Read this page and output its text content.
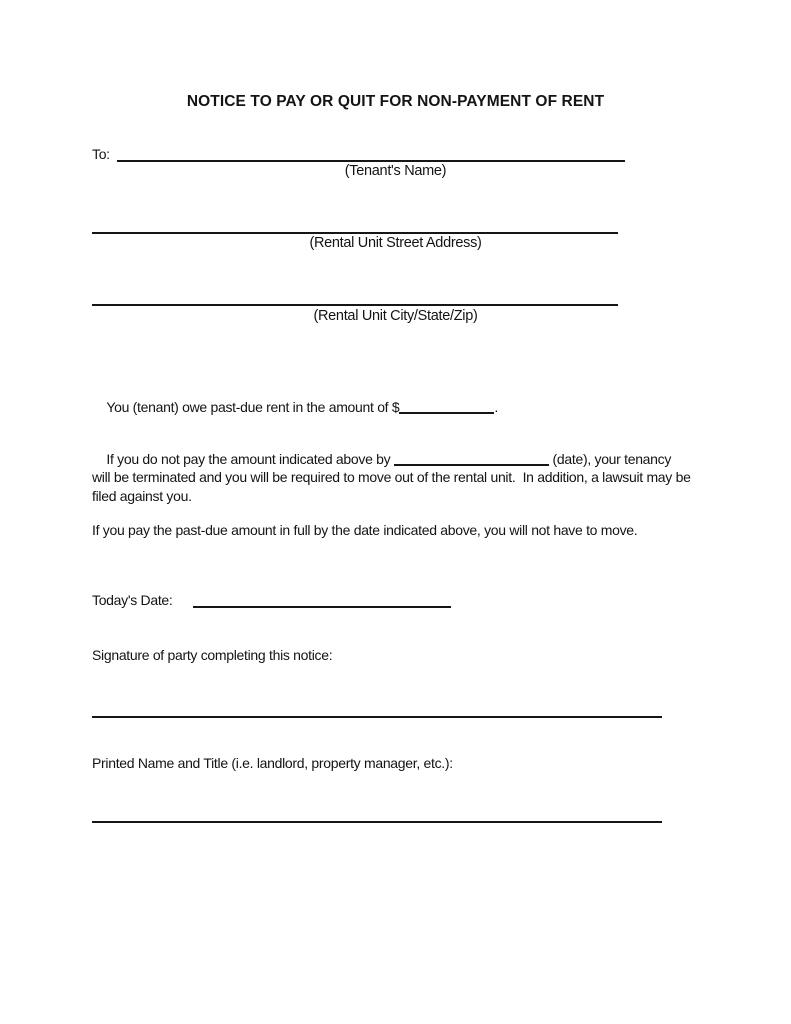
NOTICE TO PAY OR QUIT FOR NON-PAYMENT OF RENT
To:
(Tenant's Name)
(Rental Unit Street Address)
(Rental Unit City/State/Zip)

You (tenant) owe past-due rent in the amount of $	.

If you do not pay the amount indicated above by	(date), your tenancy will be terminated and you will be required to move out of the rental unit.  In addition, a lawsuit may be filed against you.

If you pay the past-due amount in full by the date indicated above, you will not have to move.
Today's Date:
Signature of party completing this notice:
Printed Name and Title (i.e. landlord, property manager, etc.):
